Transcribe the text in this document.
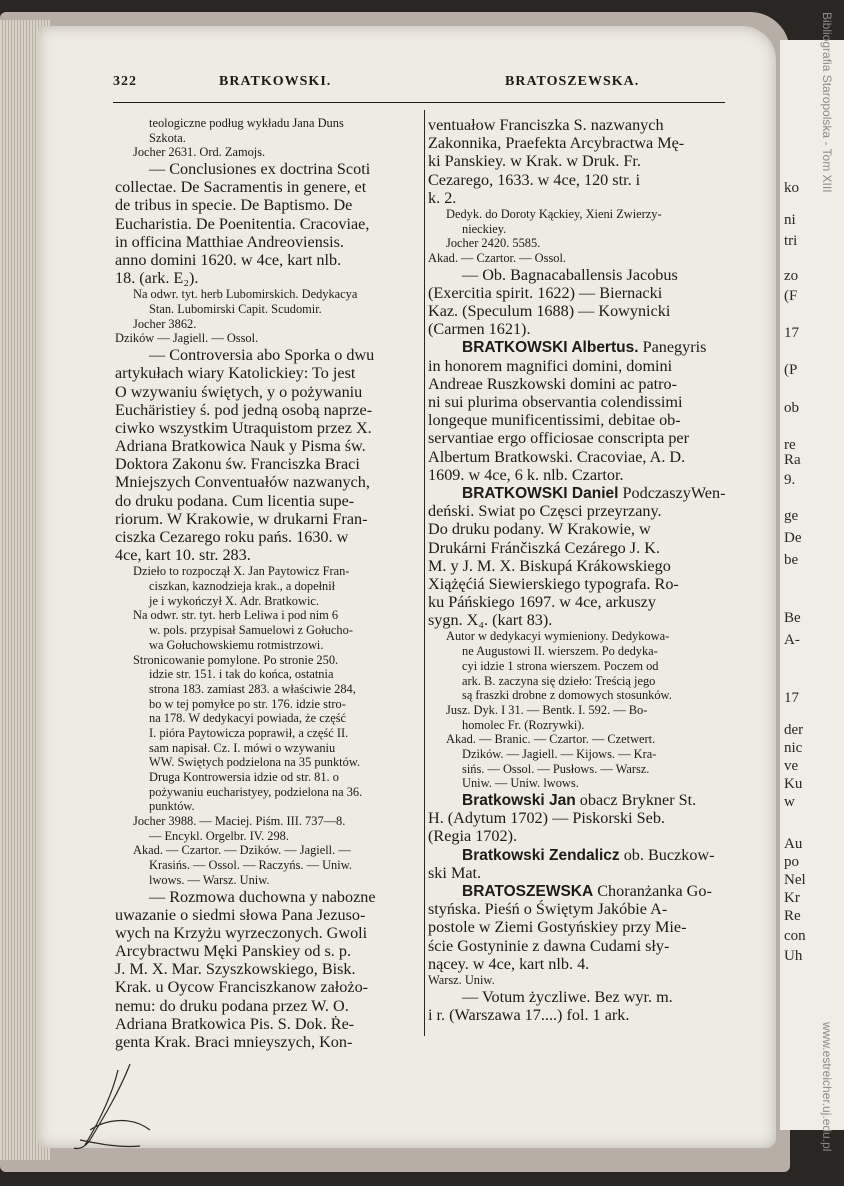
ko
ni
tri
zo
(F
17
(P
ob
re
Ra
9.
ge
De
be
Be
A-
17
der
nic
ve
Ku
w
Au
po
Nel
Kr
Re
con
Uh
Bibliografia Staropolska - Tom XIII
www.estreicher.uj.edu.pl
322	BRATKOWSKI.	BRATOSZEWSKA.
teologiczne podług wykładu Jana Duns
Szkota.
Jocher 2631. Ord. Zamojs.
— Conclusiones ex doctrina Scoti
collectae. De Sacramentis in genere, et
de tribus in specie. De Baptismo. De
Eucharistia. De Poenitentia. Cracoviae,
in officina Matthiae Andreoviensis.
anno domini 1620. w 4ce, kart nlb.
18. (ark. E₂).
Na odwr. tyt. herb Lubomirskich. Dedykacya
Stan. Lubomirski Capit. Scudomir.
Jocher 3862.
Dzików — Jagiell. — Ossol.
— Controversia abo Sporka o dwu
artykułach wiary Katolickiey: To jest
O wzywaniu świętych, y o pożywaniu
Euchäristiey ś. pod jedną osobą naprze-
ciwko wszystkim Utraquistom przez X.
Adriana Bratkowica Nauk y Pisma św.
Doktora Zakonu św. Franciszka Braci
Mniejszych Conventuałów nazwanych,
do druku podana. Cum licentia supe-
riorum. W Krakowie, w drukarni Fran-
ciszka Cezarego roku pańs. 1630. w
4ce, kart 10. str. 283.
Dzieło to rozpoczął X. Jan Paytowicz Fran-
ciszkan, kaznodzieja krak., a dopełnił
je i wykończył X. Adr. Bratkowic.
Na odwr. str. tyt. herb Leliwa i pod nim 6
w. pols. przypisał Samuelowi z Gołucho-
wa Gołuchowskiemu rotmistrzowi.
Stronicowanie pomylone. Po stronie 250.
idzie str. 151. i tak do końca, ostatnia
strona 183. zamiast 283. a właściwie 284,
bo w tej pomyłce po str. 176. idzie stro-
na 178. W dedykacyi powiada, że część
I. pióra Paytowicza poprawił, a część II.
sam napisał. Cz. I. mówi o wzywaniu
WW. Swiętych podzielona na 35 punktów.
Druga Kontrowersia idzie od str. 81. o
pożywaniu eucharistyey, podzielona na 36.
punktów.
Jocher 3988. — Maciej. Piśm. III. 737—8.
— Encykl. Orgelbr. IV. 298.
Akad. — Czartor. — Dzików. — Jagiell. —
Krasińs. — Ossol. — Raczyńs. — Uniw.
lwows. — Warsz. Uniw.
— Rozmowa duchowna y nabozne
uwazanie o siedmi słowa Pana Jezuso-
wych na Krzyżu wyrzeczonych. Gwoli
Arcybractwu Męki Panskiey od s. p.
J. M. X. Mar. Szyszkowskiego, Bisk.
Krak. u Oycow Franciszkanow założo-
nemu: do druku podana przez W. O.
Adriana Bratkowica Pis. S. Dok. Ṙe-
genta Krak. Braci mnieyszych, Kon-
ventuałow Franciszka S. nazwanych
Zakonnika, Praefekta Arcybractwa Mę-
ki Panskiey. w Krak. w Druk. Fr.
Cezarego, 1633. w 4ce, 120 str. i
k. 2.
Dedyk. do Doroty Kąckiey, Xieni Zwierzy-
nieckiey.
Jocher 2420. 5585.
Akad. — Czartor. — Ossol.
— Ob. Bagnacaballensis Jacobus
(Exercitia spirit. 1622) — Biernacki
Kaz. (Speculum 1688) — Kowynicki
(Carmen 1621).
BRATKOWSKI Albertus. Panegyris
in honorem magnifici domini, domini
Andreae Ruszkowski domini ac patro-
ni sui plurima observantia colendissimi
longeque munificentissimi, debitae ob-
servantiae ergo officiosae conscripta per
Albertum Bratkowski. Cracoviae, A. D.
1609. w 4ce, 6 k. nlb. Czartor.
BRATKOWSKI Daniel PodczaszyWen-
deński. Swiat po Częsci przeyrzany.
Do druku podany. W Krakowie, w
Drukárni Fránčiszká Cezárego J. K.
M. y J. M. X. Biskupá Krákowskiego
Xiążęćiá Siewierskiego typografa. Ro-
ku Páńskiego 1697. w 4ce, arkuszy
sygn. X₄. (kart 83).
Autor w dedykacyi wymieniony. Dedykowa-
ne Augustowi II. wierszem. Po dedyka-
cyi idzie 1 strona wierszem. Poczem od
ark. B. zaczyna się dzieło: Treścią jego
są fraszki drobne z domowych stosunków.
Jusz. Dyk. I 31. — Bentk. I. 592. — Bo-
homolec Fr. (Rozrywki).
Akad. — Branic. — Czartor. — Czetwert.
Dzików. — Jagiell. — Kijows. — Kra-
sińs. — Ossol. — Pusłows. — Warsz.
Uniw. — Uniw. lwows.
Bratkowski Jan obacz Brykner St.
H. (Adytum 1702) — Piskorski Seb.
(Regia 1702).
Bratkowski Zendalicz ob. Buczkow-
ski Mat.
BRATOSZEWSKA Choranżanka Go-
styńska. Pieśń o Świętym Jakóbie A-
postole w Ziemi Gostyńskiey przy Mie-
ście Gostyninie z dawna Cudami sły-
nącey. w 4ce, kart nlb. 4.
Warsz. Uniw.
— Votum życzliwe. Bez wyr. m.
i r. (Warszawa 17....) fol. 1 ark.
